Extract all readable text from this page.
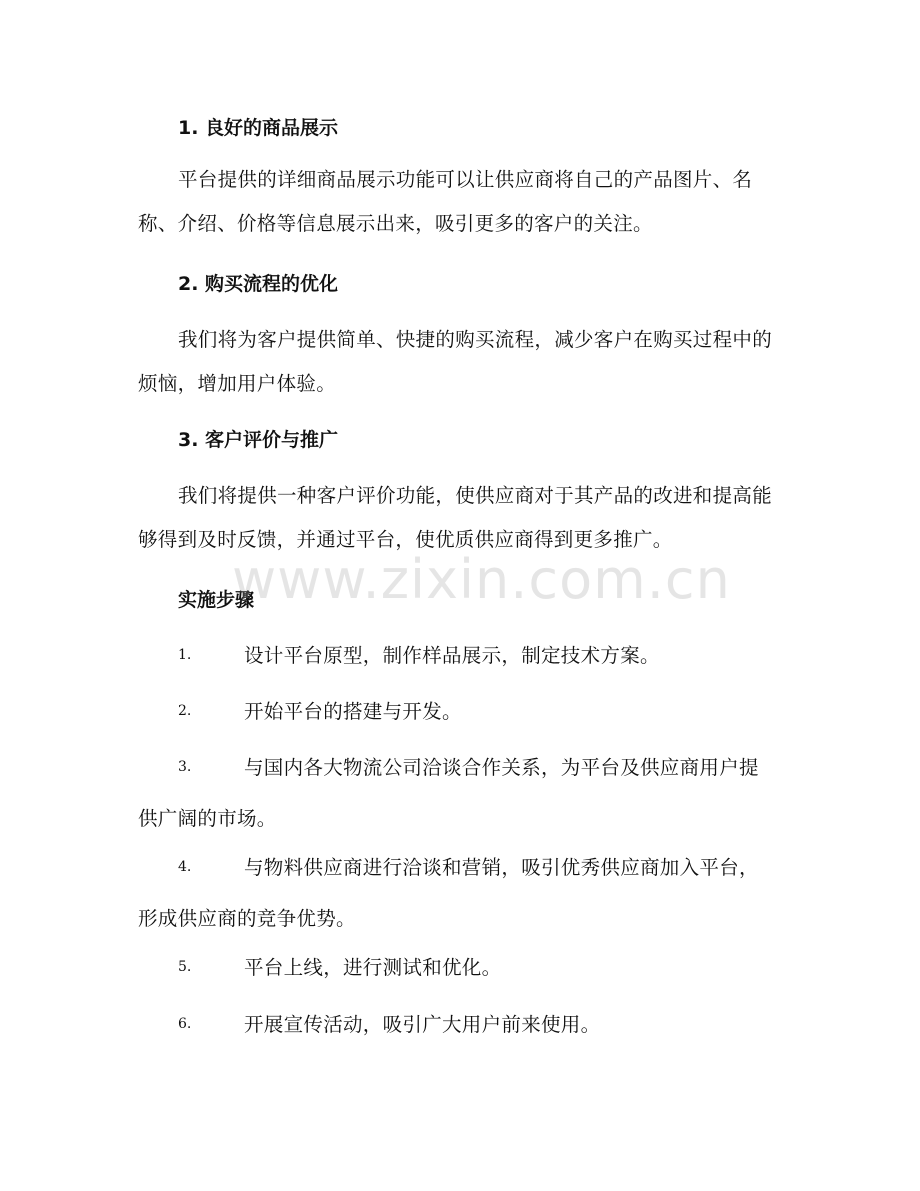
1. 良好的商品展示
平台提供的详细商品展示功能可以让供应商将自己的产品图片、名称、介绍、价格等信息展示出来，吸引更多的客户的关注。
2. 购买流程的优化
我们将为客户提供简单、快捷的购买流程，减少客户在购买过程中的烦恼，增加用户体验。
3. 客户评价与推广
我们将提供一种客户评价功能，使供应商对于其产品的改进和提高能够得到及时反馈，并通过平台，使优质供应商得到更多推广。
实施步骤
1.	设计平台原型，制作样品展示，制定技术方案。
2.	开始平台的搭建与开发。
3.	与国内各大物流公司洽谈合作关系，为平台及供应商用户提供广阔的市场。
4.	与物料供应商进行洽谈和营销，吸引优秀供应商加入平台，形成供应商的竞争优势。
5.	平台上线，进行测试和优化。
6.	开展宣传活动，吸引广大用户前来使用。
www.zixin.com.cn
